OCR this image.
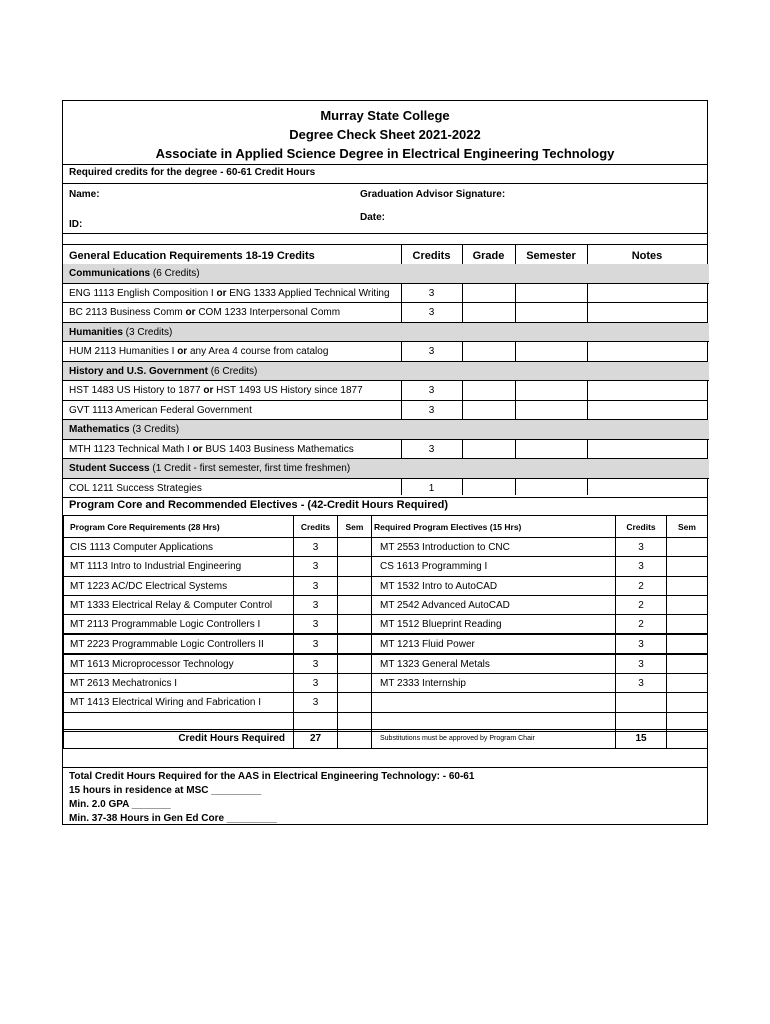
Murray State College
Degree Check Sheet 2021-2022
Associate in Applied Science Degree in Electrical Engineering Technology
Required credits for the degree - 60-61 Credit Hours
Name:	Graduation Advisor Signature:
Date:
ID:
General Education Requirements 18-19 Credits	Credits	Grade	Semester	Notes
Communications (6 Credits)
ENG 1113 English Composition I or ENG 1333 Applied Technical Writing	3
BC 2113 Business Comm or COM 1233 Interpersonal Comm	3
Humanities (3 Credits)
HUM 2113 Humanities I or any Area 4 course from catalog	3
History and U.S. Government (6 Credits)
HST 1483 US History to 1877 or HST 1493 US History since 1877	3
GVT 1113 American Federal Government	3
Mathematics (3 Credits)
MTH 1123 Technical Math I or BUS 1403 Business Mathematics	3
Student Success (1 Credit - first semester, first time freshmen)
COL 1211 Success Strategies	1
Program Core and Recommended Electives - (42-Credit Hours Required)
Program Core Requirements (28 Hrs)	Credits	Sem	Required Program Electives (15 Hrs)	Credits	Sem
CIS 1113 Computer Applications	3	MT 2553 Introduction to CNC	3
MT 1113 Intro to Industrial Engineering	3	CS 1613 Programming I	3
MT 1223 AC/DC Electrical Systems	3	MT 1532 Intro to AutoCAD	2
MT 1333 Electrical Relay & Computer Control	3	MT 2542 Advanced AutoCAD	2
MT 2113 Programmable Logic Controllers I	3	MT 1512 Blueprint Reading	2
MT 2223 Programmable Logic Controllers II	3	MT 1213 Fluid Power	3
MT 1613 Microprocessor Technology	3	MT 1323 General Metals	3
MT 2613 Mechatronics I	3	MT 2333 Internship	3
MT 1413 Electrical Wiring and Fabrication I	3
Credit Hours Required	27	Substitutions must be approved by Program Chair	15
Total Credit Hours Required for the AAS in Electrical Engineering Technology: - 60-61
15 hours in residence at MSC _________
Min. 2.0 GPA _______
Min. 37-38 Hours in Gen Ed Core _________
